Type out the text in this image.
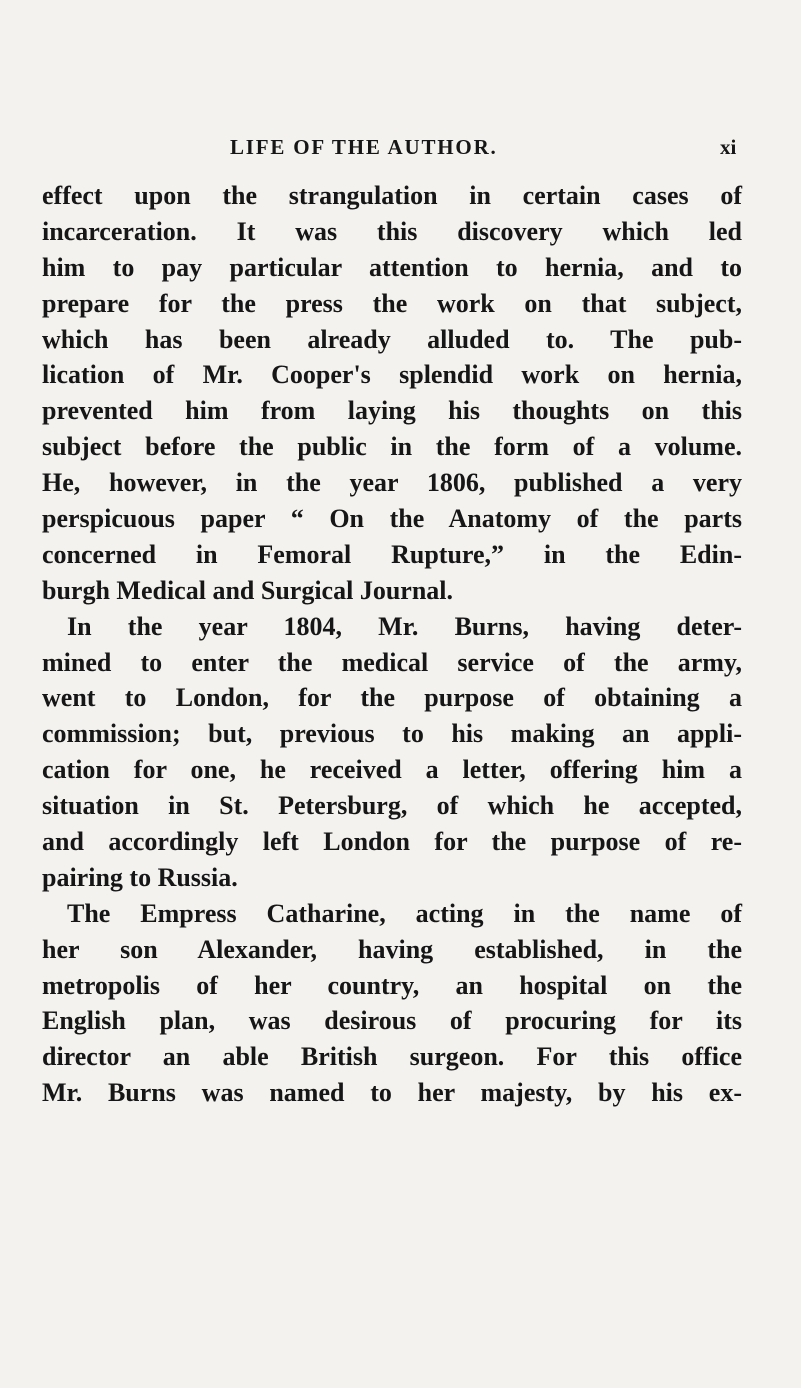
LIFE OF THE AUTHOR.	xi
effect upon the strangulation in certain cases of
incarceration. It was this discovery which led
him to pay particular attention to hernia, and to
prepare for the press the work on that subject,
which has been already alluded to. The pub-
lication of Mr. Cooper's splendid work on hernia,
prevented him from laying his thoughts on this
subject before the public in the form of a volume.
He, however, in the year 1806, published a very
perspicuous paper “ On the Anatomy of the parts
concerned in Femoral Rupture,” in the Edin-
burgh Medical and Surgical Journal.
In the year 1804, Mr. Burns, having deter-
mined to enter the medical service of the army,
went to London, for the purpose of obtaining a
commission; but, previous to his making an appli-
cation for one, he received a letter, offering him a
situation in St. Petersburg, of which he accepted,
and accordingly left London for the purpose of re-
pairing to Russia.
The Empress Catharine, acting in the name of
her son Alexander, having established, in the
metropolis of her country, an hospital on the
English plan, was desirous of procuring for its
director an able British surgeon. For this office
Mr. Burns was named to her majesty, by his ex-
